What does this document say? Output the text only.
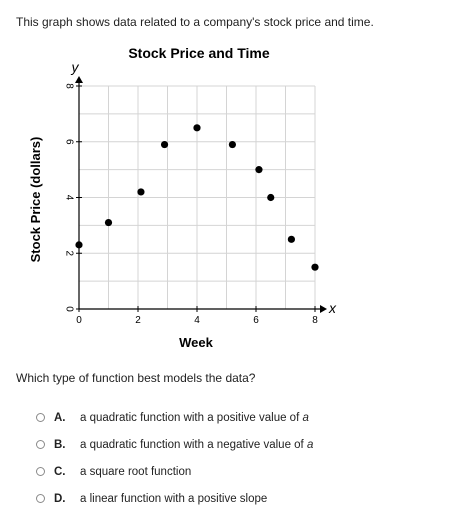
This graph shows data related to a company's stock price and time.
x
y
0	2	4	6	8
0
2
4
6
8
Stock Price and Time
Week
Stock Price (dollars)
Which type of function best models the data?
A.	a quadratic function with a positive value of a
B.	a quadratic function with a negative value of a
C.	a square root function
D.	a linear function with a positive slope
